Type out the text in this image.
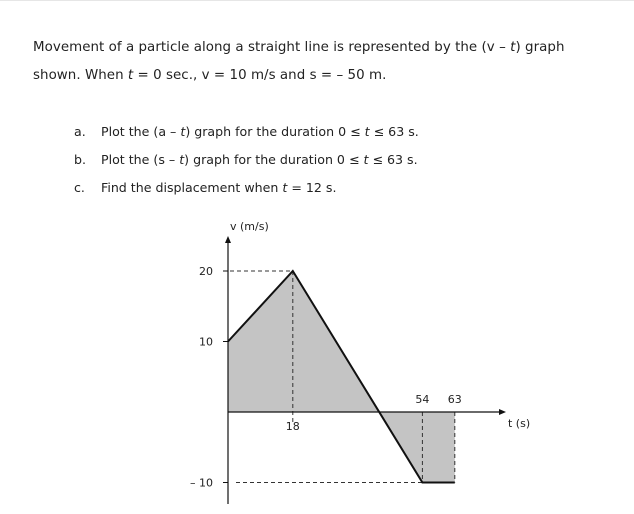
Movement of a particle along a straight line is represented by the (v – t) graph
shown. When t = 0 sec., v = 10 m/s and s = – 50 m.
a.	Plot the (a – t) graph for the duration 0 ≤ t ≤ 63 s.
b.	Plot the (s – t) graph for the duration 0 ≤ t ≤ 63 s.
c.	Find the displacement when t = 12 s.
v (m/s)
t (s)
20
10
– 10
18
54 63
